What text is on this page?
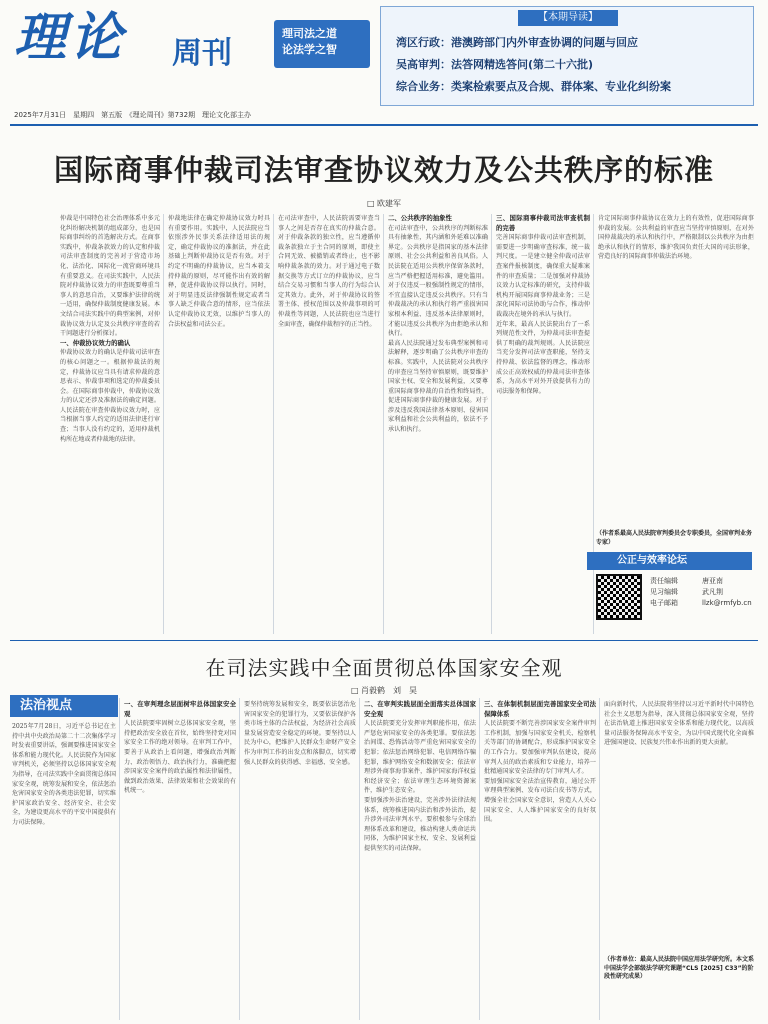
理论 周刊
理司法之道
论法学之智
【本期导读】
湾区行政：港澳跨部门内外审查协调的问题与回应
吴高审判：法答网精选答问(第二十六批)
综合业务：类案检索要点及合规、群体案、专业化纠纷案
2025年7月31日　星期四　第五版　《理论周刊》第732期　理论文化部主办
国际商事仲裁司法审查协议效力及公共秩序的标准
□ 欧建军
仲裁是中国特色社会治理体系中多元化纠纷解决机制的组成部分，也是国际商事纠纷的首选解决方式。在商事实践中，仲裁条款效力的认定和仲裁司法审查制度的完善对于营造市场化、法治化、国际化一流营商环境具有重要意义。在司法实践中，人民法院对仲裁协议效力的审查既要尊重当事人的意思自治，又要维护法律的统一适用，确保仲裁制度健康发展。本文结合司法实践中的典型案例，对仲裁协议效力认定及公共秩序审查的若干问题进行分析探讨。
一、仲裁协议效力的确认
仲裁协议效力的确认是仲裁司法审查的核心问题之一。根据仲裁法的规定，仲裁协议应当具有请求仲裁的意思表示、仲裁事项和选定的仲裁委员会。在国际商事仲裁中，仲裁协议效力的认定还涉及准据法的确定问题。人民法院在审查仲裁协议效力时，应当根据当事人约定的适用法律进行审查；当事人没有约定的，适用仲裁机构所在地或者仲裁地的法律。
仲裁地法律在确定仲裁协议效力时具有重要作用。实践中，人民法院应当依照涉外民事关系法律适用法的规定，确定仲裁协议的准据法，并在此基础上判断仲裁协议是否有效。对于约定不明确的仲裁协议，应当本着支持仲裁的原则，尽可能作出有效的解释，促进仲裁协议得以执行。同时，对于明显违反法律强制性规定或者当事人缺乏仲裁合意的情形，应当依法认定仲裁协议无效，以维护当事人的合法权益和司法公正。
在司法审查中，人民法院需要审查当事人之间是否存在真实的仲裁合意。对于仲裁条款的独立性，应当遵循仲裁条款独立于主合同的原则，即使主合同无效、被撤销或者终止，也不影响仲裁条款的效力。对于通过电子数据交换等方式订立的仲裁协议，应当结合交易习惯和当事人的行为综合认定其效力。此外，对于仲裁协议的签署主体、授权范围以及仲裁事项的可仲裁性等问题，人民法院也应当进行全面审查，确保仲裁程序的正当性。
二、公共秩序的抽象性
在司法审查中，公共秩序的判断标准具有抽象性，其内涵和外延难以准确界定。公共秩序是指国家的基本法律原则、社会公共利益和善良风俗。人民法院在适用公共秩序保留条款时，应当严格把握适用标准，避免滥用。对于仅违反一般强制性规定的情形，不宜直接认定违反公共秩序。只有当仲裁裁决的承认和执行将严重损害国家根本利益、违反基本法律原则时，才能以违反公共秩序为由拒绝承认和执行。
最高人民法院通过发布典型案例和司法解释，逐步明确了公共秩序审查的标准。实践中，人民法院对公共秩序的审查应当坚持审慎原则，既要维护国家主权、安全和发展利益，又要尊重国际商事仲裁的自治性和终局性，促进国际商事仲裁的健康发展。对于涉及违反我国法律基本原则、侵害国家利益和社会公共利益的，依法不予承认和执行。
三、国际商事仲裁司法审查机制的完善
完善国际商事仲裁司法审查机制，需要进一步明确审查标准，统一裁判尺度。一是建立健全仲裁司法审查案件报核制度，确保重大疑难案件的审查质量；二是加强对仲裁协议效力认定标准的研究，支持仲裁机构开展国际商事仲裁业务；三是深化国际司法协助与合作，推动仲裁裁决在境外的承认与执行。
近年来，最高人民法院出台了一系列规范性文件，为仲裁司法审查提供了明确的裁判规则。人民法院应当充分发挥司法审查职能，坚持支持仲裁、依法监督的理念，推动形成公正高效权威的仲裁司法审查体系，为高水平对外开放提供有力的司法服务和保障。
肯定国际商事仲裁协议在效力上的有效性，促进国际商事仲裁的发展。公共利益的审查应当坚持审慎原则，在对外国仲裁裁决的承认和执行中，严格限制以公共秩序为由拒绝承认和执行的情形，维护我国负责任大国的司法形象，营造良好的国际商事仲裁法治环境。
（作者系最高人民法院审判委员会专职委员，全国审判业务专家）
公正与效率论坛
责任编辑	唐亚南
见习编辑	武凡荆
电子邮箱	llzk@rmfyb.cn
在司法实践中全面贯彻总体国家安全观
□ 肖毅鹤　刘　昊
法治视点
2025年7月28日，习近平总书记在主持中共中央政治局第二十二次集体学习时发表重要讲话，强调要推进国家安全体系和能力现代化。人民法院作为国家审判机关，必须坚持以总体国家安全观为指导，在司法实践中全面贯彻总体国家安全观，统筹发展和安全，依法惩治危害国家安全的各类违法犯罪，切实维护国家政治安全、经济安全、社会安全，为建设更高水平的平安中国提供有力司法保障。
一、在审判理念层面树牢总体国家安全观
人民法院要牢固树立总体国家安全观，坚持把政治安全放在首位，始终坚持党对国家安全工作的绝对领导。在审判工作中，要善于从政治上看问题，增强政治判断力、政治领悟力、政治执行力，准确把握涉国家安全案件的政治属性和法律属性，做到政治效果、法律效果和社会效果的有机统一。
要坚持统筹发展和安全，既要依法惩治危害国家安全的犯罪行为，又要依法保护各类市场主体的合法权益，为经济社会高质量发展营造安全稳定的环境。要坚持以人民为中心，把维护人民群众生命财产安全作为审判工作的出发点和落脚点，切实增强人民群众的获得感、幸福感、安全感。
二、在审判实践层面全面落实总体国家安全观
人民法院要充分发挥审判职能作用，依法严惩危害国家安全的各类犯罪。要依法惩治间谍、恐怖活动等严重危害国家安全的犯罪；依法惩治网络犯罪、电信网络诈骗犯罪，维护网络安全和数据安全；依法审理涉外商事海事案件，维护国家海洋权益和经济安全；依法审理生态环境资源案件，维护生态安全。
要加强涉外法治建设，完善涉外法律法规体系，统筹推进国内法治和涉外法治，提升涉外司法审判水平。要积极参与全球治理体系改革和建设，推动构建人类命运共同体，为维护国家主权、安全、发展利益提供坚实的司法保障。
三、在体制机制层面完善国家安全司法保障体系
人民法院要不断完善涉国家安全案件审判工作机制，加强与国家安全机关、检察机关等部门的协调配合，形成维护国家安全的工作合力。要加强审判队伍建设，提高审判人员的政治素质和专业能力，培养一批精通国家安全法律的专门审判人才。
要加强国家安全法治宣传教育，通过公开审理典型案例、发布司法白皮书等方式，增强全社会国家安全意识，营造人人关心国家安全、人人维护国家安全的良好氛围。
面向新时代，人民法院将坚持以习近平新时代中国特色社会主义思想为指导，深入贯彻总体国家安全观，坚持在法治轨道上推进国家安全体系和能力现代化，以高质量司法服务保障高水平安全，为以中国式现代化全面推进强国建设、民族复兴伟业作出新的更大贡献。
（作者单位：最高人民法院中国应用法学研究所。本文系中国法学会部级法学研究课题“CLS [2025] C33”的阶段性研究成果）
